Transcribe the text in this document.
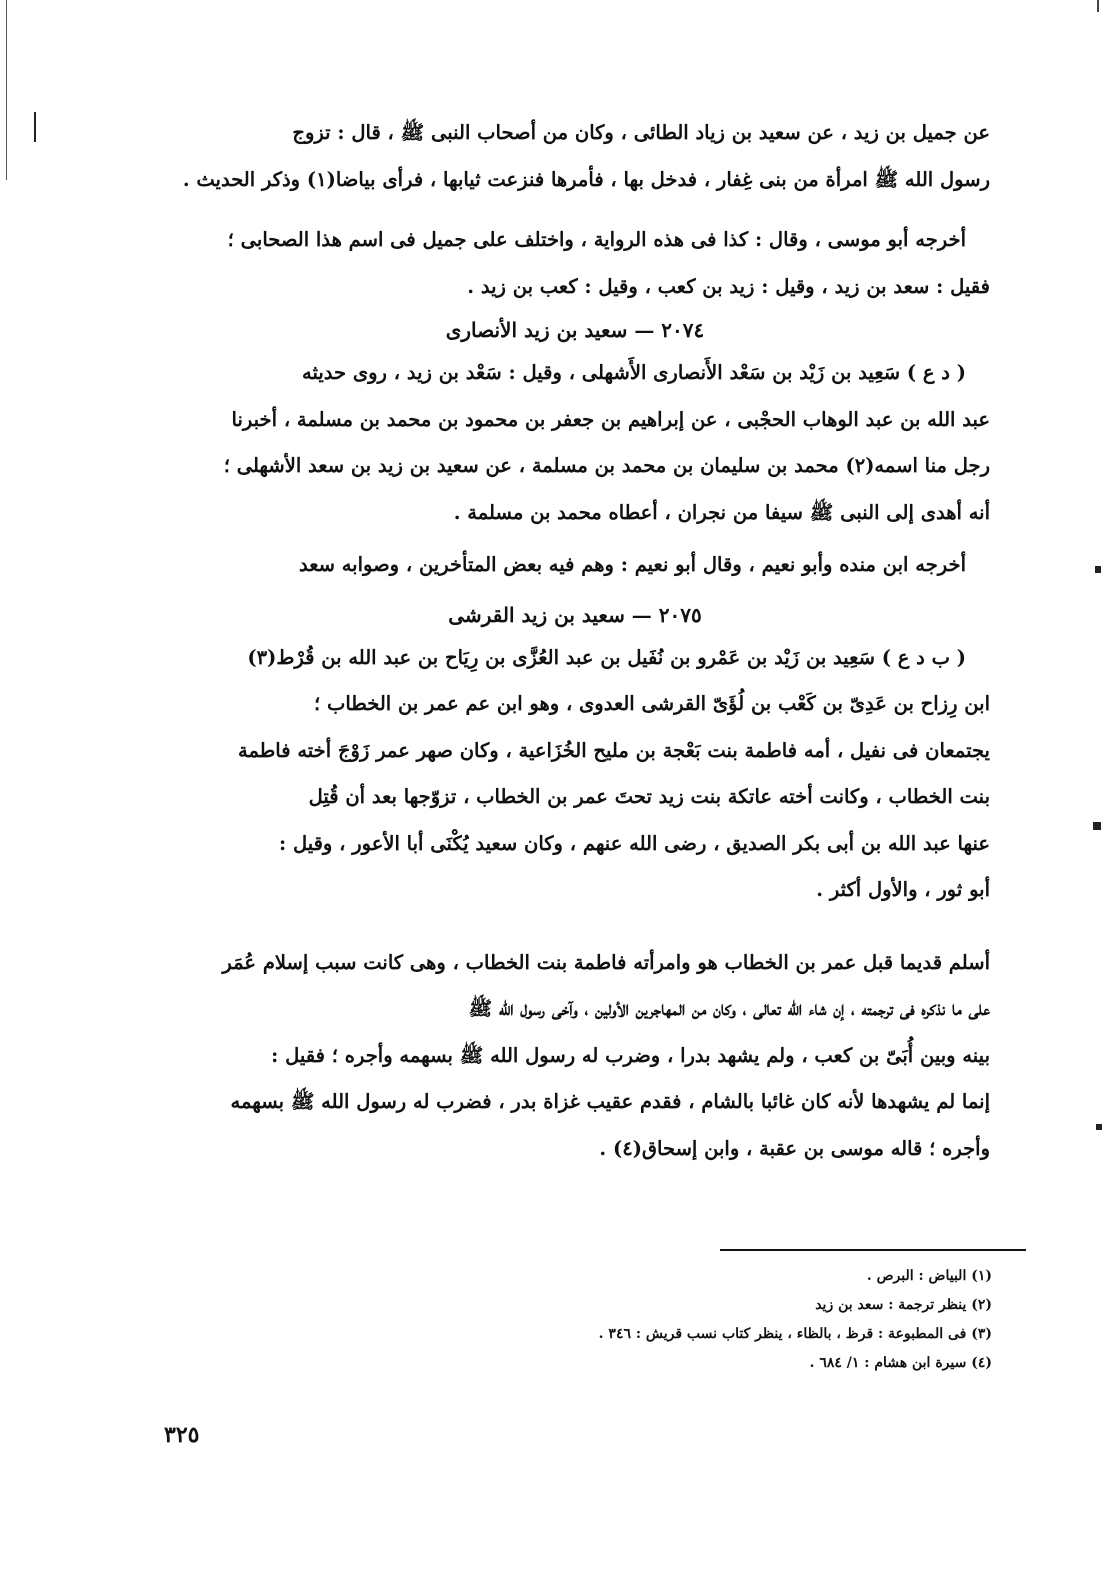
عن جميل بن زيد ، عن سعيد بن زياد الطائى ، وكان من أصحاب النبى ﷺ ، قال : تزوج
رسول الله ﷺ امرأة من بنى غِفار ، فدخل بها ، فأمرها فنزعت ثيابها ، فرأى بياضا(١) وذكر الحديث .
أخرجه أبو موسى ، وقال : كذا فى هذه الرواية ، واختلف على جميل فى اسم هذا الصحابى ؛
فقيل : سعد بن زيد ، وقيل : زيد بن كعب ، وقيل : كعب بن زيد .
٢٠٧٤ — سعيد بن زيد الأنصارى
( د ع ) سَعِيد بن زَيْد بن سَعْد الأَنصارى الأَشهلى ، وقيل : سَعْد بن زيد ، روى حديثه
عبد الله بن عبد الوهاب الحجْبى ، عن إبراهيم بن جعفر بن محمود بن محمد بن مسلمة ، أخبرنا
رجل منا اسمه(٢) محمد بن سليمان بن محمد بن مسلمة ، عن سعيد بن زيد بن سعد الأشهلى ؛
أنه أهدى إلى النبى ﷺ سيفا من نجران ، أعطاه محمد بن مسلمة .
أخرجه ابن منده وأبو نعيم ، وقال أبو نعيم : وهم فيه بعض المتأخرين ، وصوابه سعد
٢٠٧٥ — سعيد بن زيد القرشى
( ب د ع ) سَعِيد بن زَيْد بن عَمْرو بن نُفَيل بن عبد العُزَّى بن رِيَاح بن عبد الله بن قُرْط(٣)
ابن رِزاح بن عَدِىّ بن كَعْب بن لُؤَىّ القرشى العدوى ، وهو ابن عم عمر بن الخطاب ؛
يجتمعان فى نفيل ، أمه فاطمة بنت بَعْجة بن مليح الخُزَاعية ، وكان صهر عمر زَوْجَ أخته فاطمة
بنت الخطاب ، وكانت أخته عاتكة بنت زيد تحتَ عمر بن الخطاب ، تزوّجها بعد أن قُتِل
عنها عبد الله بن أبى بكر الصديق ، رضى الله عنهم ، وكان سعيد يُكْنَى أبا الأعور ، وقيل :
أبو ثور ، والأول أكثر .
أسلم قديما قبل عمر بن الخطاب هو وامرأته فاطمة بنت الخطاب ، وهى كانت سبب إسلام عُمَر
على ما نذكره فى ترجمته ، إن شاء الله تعالى ، وكان من المهاجرين الأولين ، وآخى رسول الله ﷺ
بينه وبين أُبَىّ بن كعب ، ولم يشهد بدرا ، وضرب له رسول الله ﷺ بسهمه وأجره ؛ فقيل :
إنما لم يشهدها لأنه كان غائبا بالشام ، فقدم عقيب غزاة بدر ، فضرب له رسول الله ﷺ بسهمه
وأجره ؛ قاله موسى بن عقبة ، وابن إسحاق(٤) .
(١) البياض : البرص .
(٢) ينظر ترجمة : سعد بن زيد
(٣) فى المطبوعة : قرظ ، بالظاء ، ينظر كتاب نسب قريش : ٣٤٦ .
(٤) سيرة ابن هشام : ١/ ٦٨٤ .
٣٢٥
